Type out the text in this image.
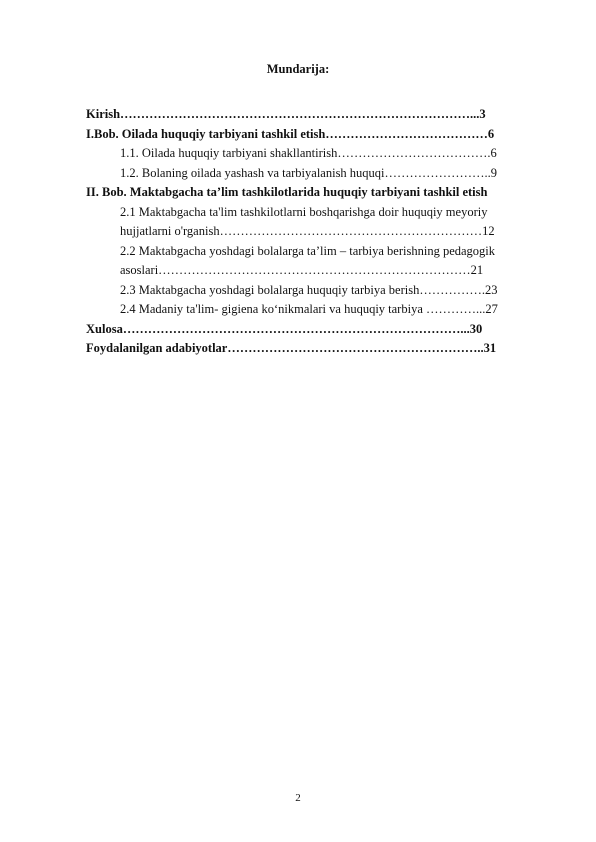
Mundarija:
Kirish…………………………………………………………………………...3
I.Bob. Oilada huquqiy tarbiyani tashkil etish…………………………………6
1.1. Oilada huquqiy tarbiyani shakllantirish……………………………….6
1.2. Bolaning oilada yashash va tarbiyalanish huquqi……………………..9
II. Bob. Maktabgacha ta’lim tashkilotlarida huquqiy tarbiyani tashkil etish
2.1 Maktabgacha ta'lim tashkilotlarni boshqarishga doir huquqiy meyoriy
hujjatlarni o'rganish………………………………………………………12
2.2 Maktabgacha yoshdagi bolalarga ta’lim – tarbiya berishning pedagogik
asoslari…………………………………………………………………21
2.3 Maktabgacha yoshdagi bolalarga huquqiy tarbiya berish…………….23
2.4 Madaniy ta'lim- gigiena ko‘nikmalari va huquqiy tarbiya …………...27
Xulosa………………………………………………………………………...30
Foydalanilgan adabiyotlar……………………………………………………..31
2
